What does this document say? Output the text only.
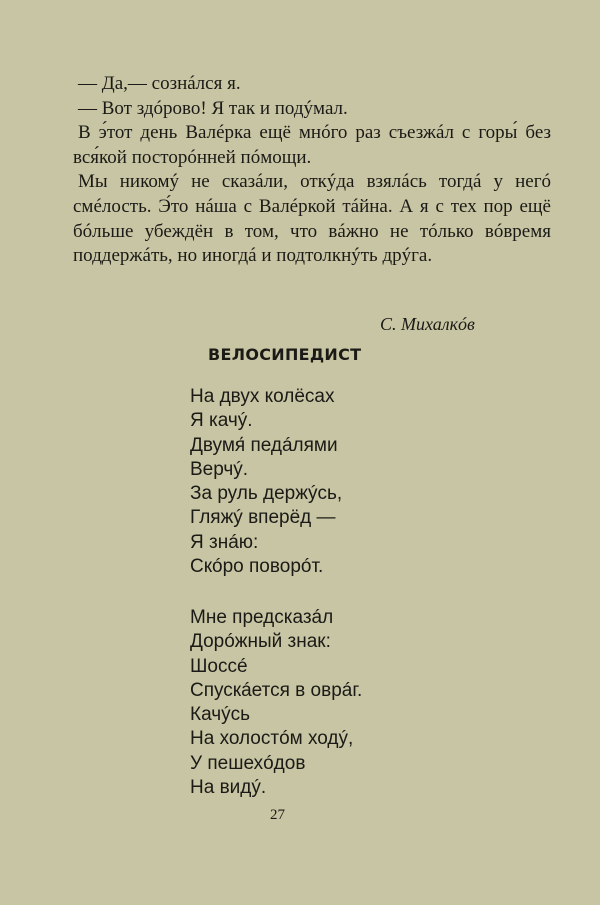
— Да,— сознáлся я.

— Вот здóрово! Я так и подýмал.

В э́тот день Валéрка ещё мнóго раз съезжáл с горы́ без вся́кой посторóнней пóмощи.

Мы никомý не сказáли, откýда взялáсь тогдá у негó смéлость. Э́то нáша с Валéркой тáйна. А я с тех пор ещё бóльше убеждён в том, что вáжно не тóлько вóвремя поддержáть, но иногдá и подтолкнýть дрýга.

С. Михалкóв
ВЕЛОСИПЕДИСТ
На двух колёсах
Я качý.
Двумя́ педáлями
Верчý.
За руль держýсь,
Гляжý вперёд —
Я знáю:
Скóро поворóт.
Мне предсказáл
Дорóжный знак:
Шоссé
Спускáется в оврáг.
Качýсь
На холостóм ходý,
У пешехóдов
На видý.
27
